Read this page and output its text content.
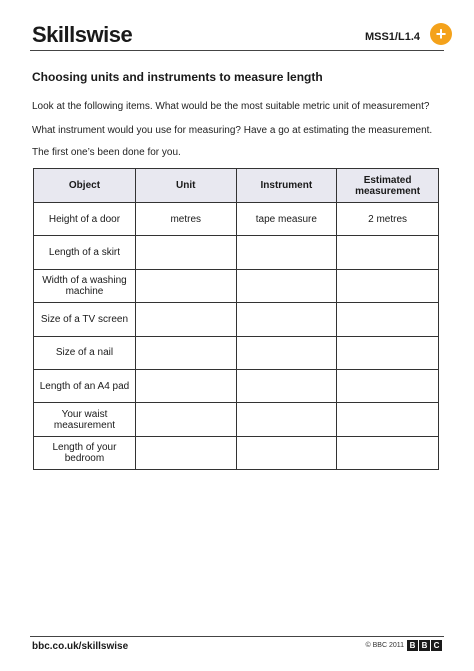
Skillswise	MSS1/L1.4 +
Choosing units and instruments to measure length
Look at the following items. What would be the most suitable metric unit of measurement?
What instrument would you use for measuring? Have a go at estimating the measurement.
The first one’s been done for you.
Object	Unit	Instrument	Estimated measurement
Height of a door	metres	tape measure	2 metres
Length of a skirt			
Width of a washing machine			
Size of a TV screen			
Size of a nail			
Length of an A4 pad			
Your waist measurement			
Length of your bedroom			
bbc.co.uk/skillswise	© BBC 2011 B B C
